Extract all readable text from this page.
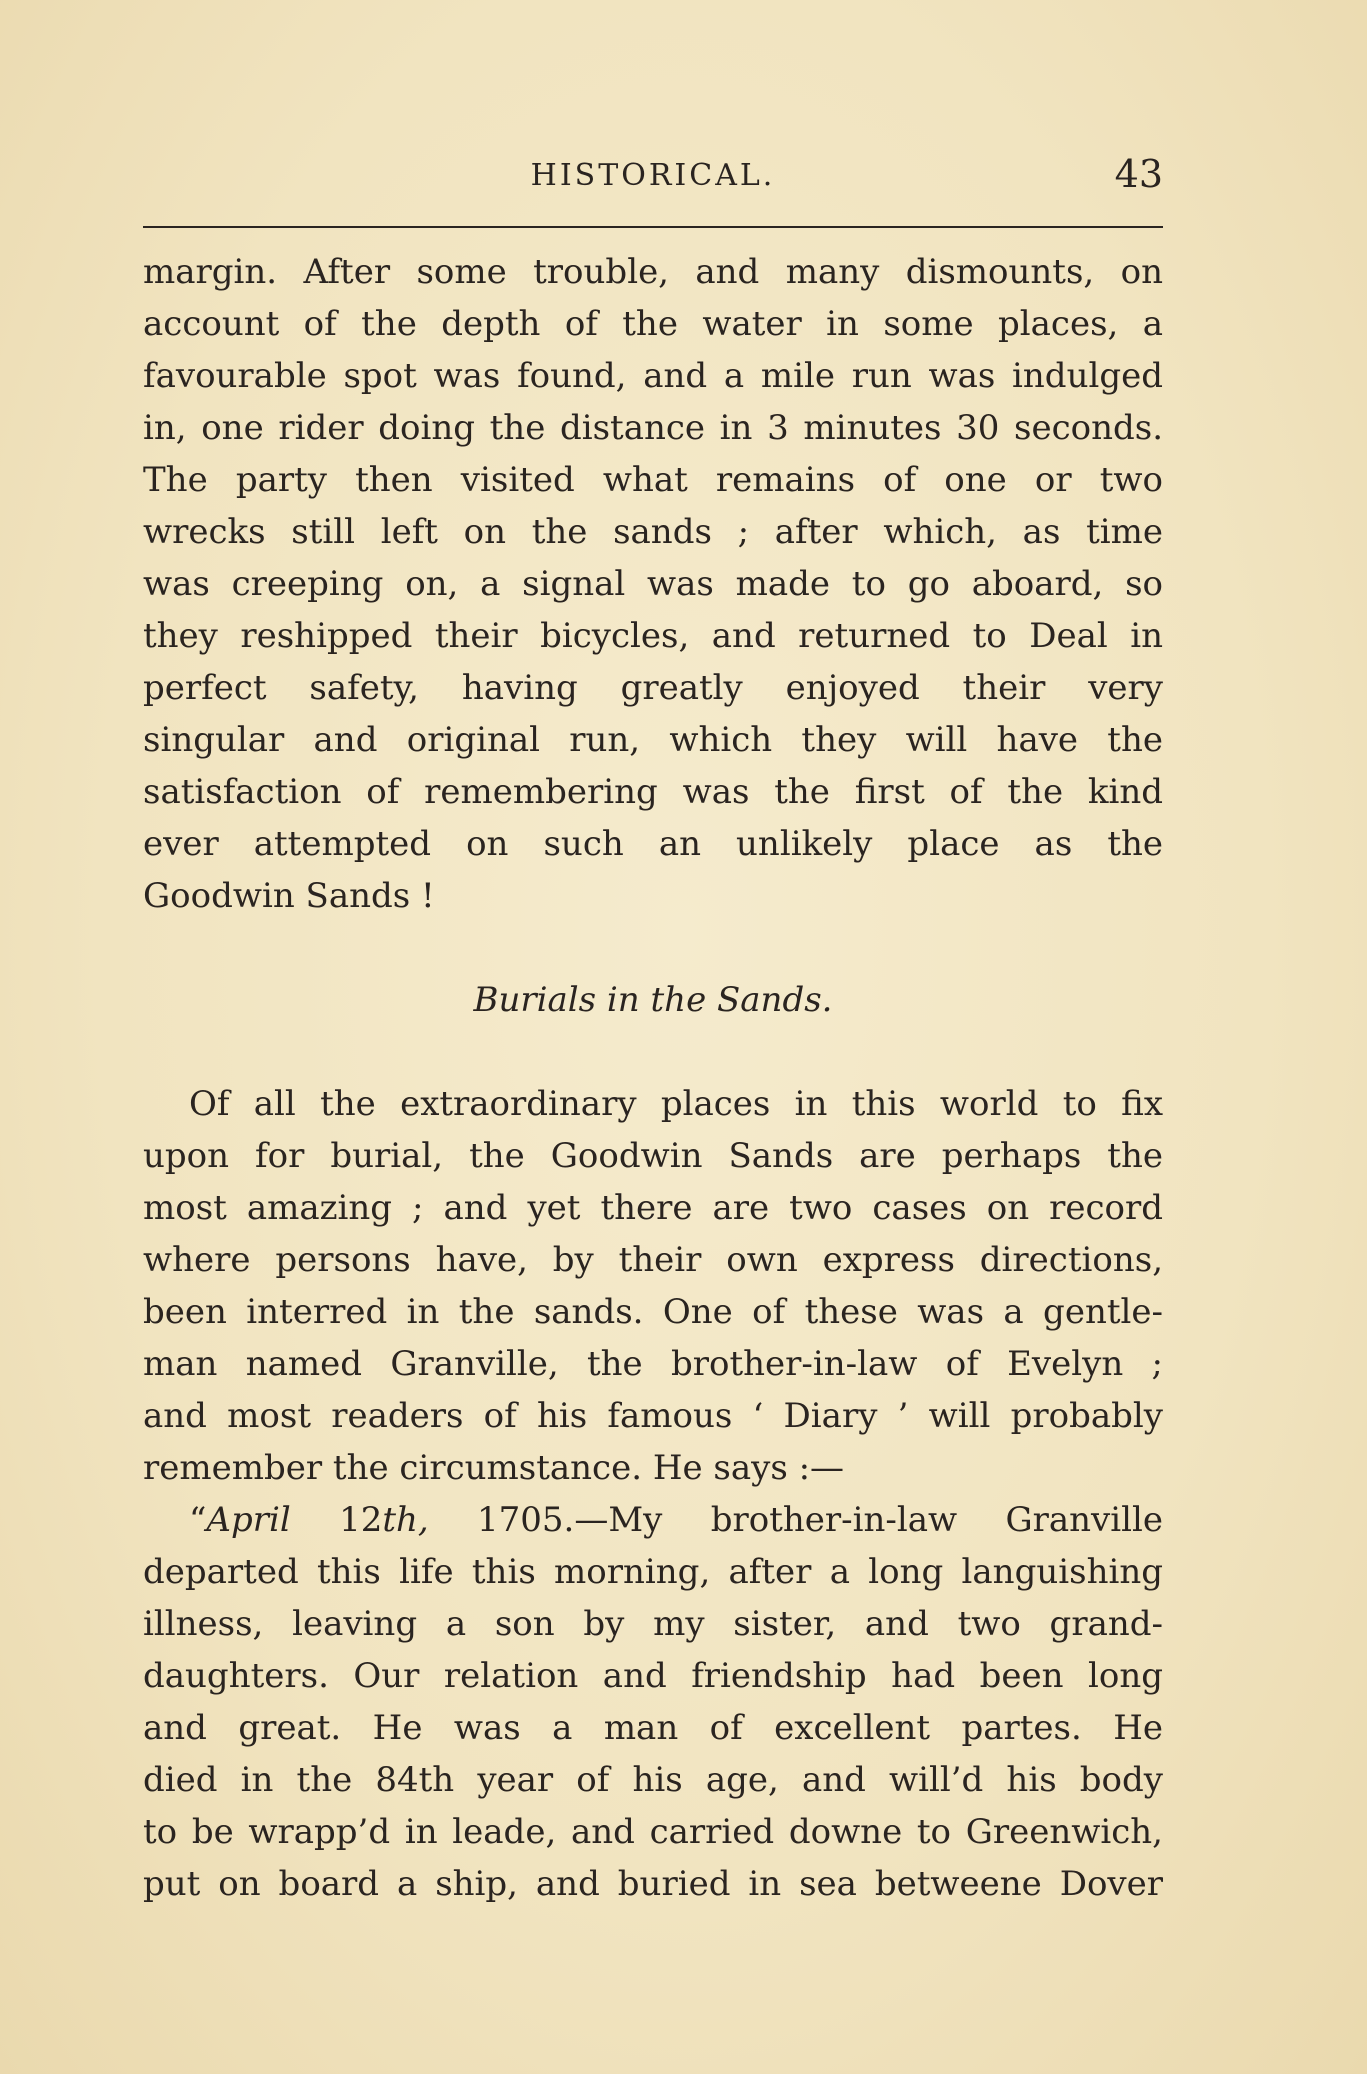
HISTORICAL.	43
margin. After some trouble, and many dismounts, on
account of the depth of the water in some places, a
favourable spot was found, and a mile run was indulged
in, one rider doing the distance in 3 minutes 30 seconds.
The party then visited what remains of one or two
wrecks still left on the sands ; after which, as time
was creeping on, a signal was made to go aboard, so
they reshipped their bicycles, and returned to Deal in
perfect safety, having greatly enjoyed their very
singular and original run, which they will have the
satisfaction of remembering was the first of the kind
ever attempted on such an unlikely place as the
Goodwin Sands !
Burials in the Sands.
Of all the extraordinary places in this world to fix
upon for burial, the Goodwin Sands are perhaps the
most amazing ; and yet there are two cases on record
where persons have, by their own express directions,
been interred in the sands. One of these was a gentle-
man named Granville, the brother-in-law of Evelyn ;
and most readers of his famous ‘ Diary ’ will probably
remember the circumstance. He says :—
“April 12th, 1705.—My brother-in-law Granville
departed this life this morning, after a long languishing
illness, leaving a son by my sister, and two grand-
daughters. Our relation and friendship had been long
and great. He was a man of excellent partes. He
died in the 84th year of his age, and will’d his body
to be wrapp’d in leade, and carried downe to Greenwich,
put on board a ship, and buried in sea betweene Dover
